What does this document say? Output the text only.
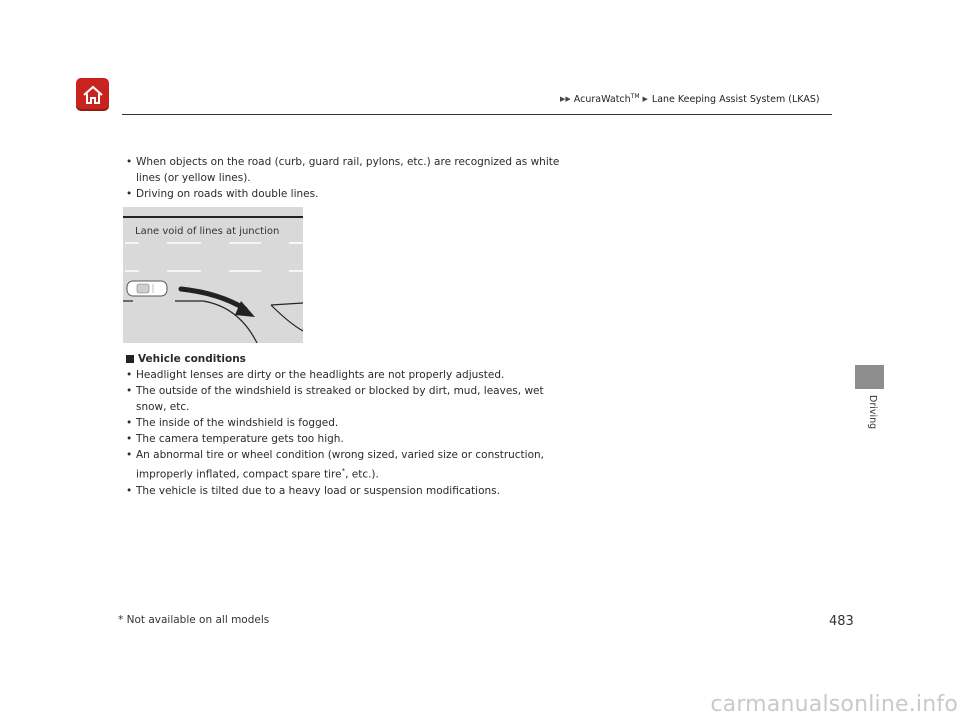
▶▶ AcuraWatch™ ▶ Lane Keeping Assist System (LKAS)
• When objects on the road (curb, guard rail, pylons, etc.) are recognized as white lines (or yellow lines).
• Driving on roads with double lines.
Lane void of lines at junction
Vehicle conditions
• Headlight lenses are dirty or the headlights are not properly adjusted.
• The outside of the windshield is streaked or blocked by dirt, mud, leaves, wet snow, etc.
• The inside of the windshield is fogged.
• The camera temperature gets too high.
• An abnormal tire or wheel condition (wrong sized, varied size or construction, improperly inflated, compact spare tire*, etc.).
• The vehicle is tilted due to a heavy load or suspension modifications.
Driving
* Not available on all models	483
carmanualsonline.info
